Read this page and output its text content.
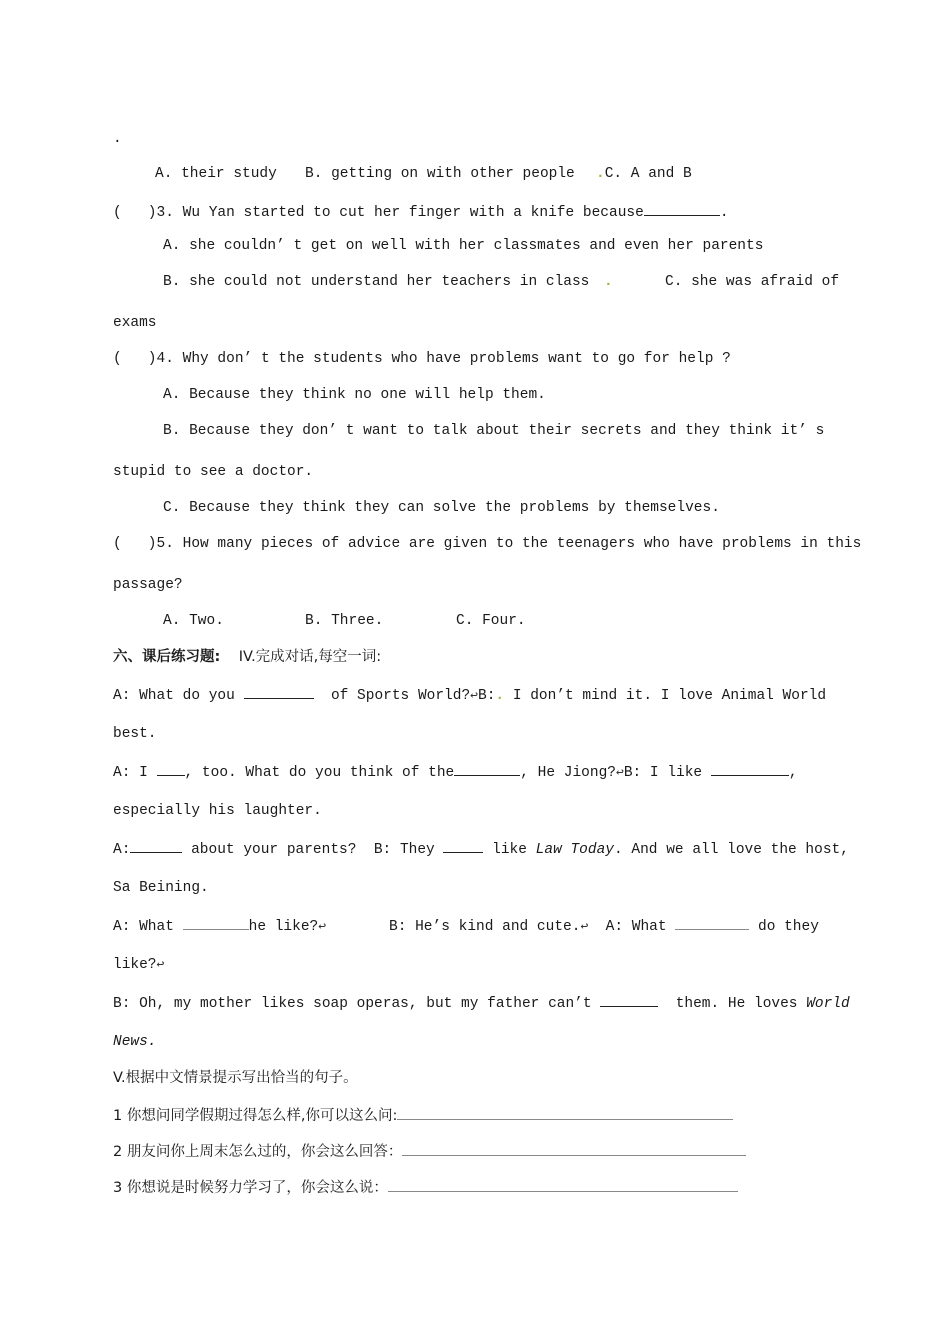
.
A. their study B. getting on with other people .C. A and B
(   )3. Wu Yan started to cut her finger with a knife because	.
A. she couldn’ t get on well with her classmates and even her parents
B. she could not understand her teachers in class .	C. she was afraid of
exams
(   )4. Why don’ t the students who have problems want to go for help ?
A. Because they think no one will help them.
B. Because they don’ t want to talk about their secrets and they think it’ s
stupid to see a doctor.
C. Because they think they can solve the problems by themselves.
(   )5. How many pieces of advice are given to the teenagers who have problems in this
passage?
A. Two.	B. Three.	C. Four.
六、课后练习题: IV.完成对话,每空一词:
A: What do you	of Sports World?↩B:. I don’t mind it. I love Animal World
best.
A: I	, too. What do you think of the	, He Jiong?↩B: I like	,
especially his laughter.
A:	about your parents?  B: They	like Law Today. And we all love the host,
Sa Beining.
A: What	he like?↩	B: He’s kind and cute.↩ A: What	do they
like?↩
B: Oh, my mother likes soap operas, but my father can’t	them. He loves World
News.
V.根据中文情景提示写出恰当的句子。
1 你想问同学假期过得怎么样,你可以这么问:
2 朋友问你上周末怎么过的，你会这么回答：
3 你想说是时候努力学习了，你会这么说：
